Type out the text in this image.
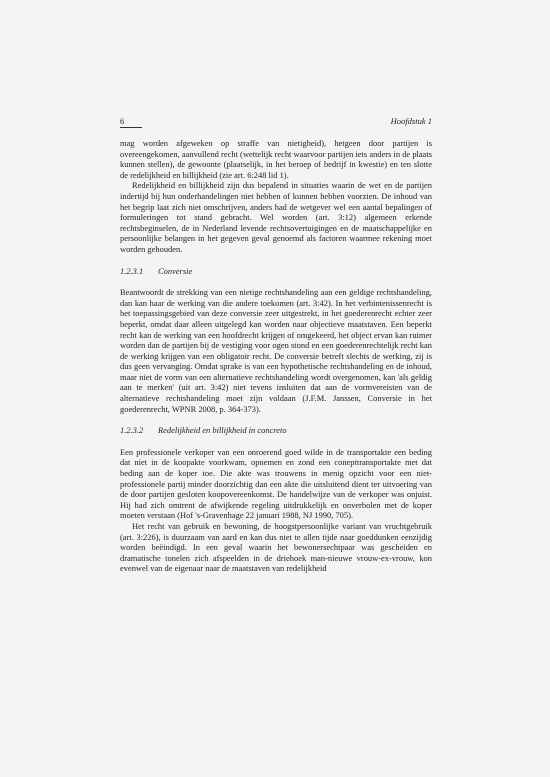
6	Hoofdstuk 1

mag worden afgeweken op straffe van nietigheid), hetgeen door partijen is overeengekomen, aanvullend recht (wettelijk recht waarvoor partijen iets anders in de plaats kunnen stellen), de gewoonte (plaatselijk, in het beroep of bedrijf in kwestie) en ten slotte de redelijkheid en billijkheid (zie art. 6:248 lid 1).

Redelijkheid en billijkheid zijn dus bepalend in situaties waarin de wet en de partijen indertijd bij hun onderhandelingen niet hebben of kunnen hebben voorzien. De inhoud van het begrip laat zich niet omschrijven, anders had de wetgever wel een aantal bepalingen of formuleringen tot stand gebracht. Wel worden (art. 3:12) algemeen erkende rechtsbeginselen, de in Nederland levende rechtsovertuigingen en de maatschappelijke en persoonlijke belangen in het gegeven geval genoemd als factoren waarmee rekening moet worden gehouden.

1.2.3.1 Conversie

Beantwoordt de strekking van een nietige rechtshandeling aan een geldige rechtshandeling, dan kan haar de werking van die andere toekomen (art. 3:42). In het verbintenissenrecht is het toepassingsgebied van deze conversie zeer uitgestrekt, in het goederenrecht echter zeer beperkt, omdat daar alleen uitgelegd kan worden naar objectieve maatstaven. Een beperkt recht kan de werking van een hoofdrecht krijgen of omgekeerd, het object ervan kan ruimer worden dan de partijen bij de vestiging voor ogen stond en een goederenrechtelijk recht kan de werking krijgen van een obligatoir recht. De conversie betreft slechts de werking, zij is dus geen vervanging. Omdat sprake is van een hypothetische rechtshandeling en de inhoud, maar niet de vorm van een alternatieve rechtshandeling wordt overgenomen, kan 'als geldig aan te merken' (uit art. 3:42) niet tevens insluiten dat aan de vormvereisten van de alternatieve rechtshandeling moet zijn voldaan (J.F.M. Janssen, Conversie in het goederenrecht, WPNR 2008, p. 364-373).

1.2.3.2 Redelijkheid en billijkheid in concreto

Een professionele verkoper van een onroerend goed wilde in de transportakte een beding dat niet in de koopakte voorkwam, opnemen en zond een conepttransportakte met dat beding aan de koper toe. Die akte was trouwens in menig opzicht voor een niet-professionele partij minder doorzichtig dan een akte die uitsluitend dient ter uitvoering van de door partijen gesloten koopovereenkomst. De handelwijze van de verkoper was onjuist. Hij had zich omtrent de afwijkende regeling uitdrukkelijk en onverbolen met de koper moeten verstaan (Hof 's-Gravenhage 22 januari 1988, NJ 1990, 705).

Het recht van gebruik en bewoning, de hoogstpersoonlijke variant van vruchtgebruik (art. 3:226), is duurzaam van aard en kan dus niet te allen tijde naar goeddunken eenzijdig worden beëindigd. In een geval waarin het bewonersechtpaar was gescheiden en dramatische tonelen zich afspeelden in de driehoek man-nieuwe vrouw-ex-vrouw, kon evenwel van de eigenaar naar de maatstaven van redelijkheid
